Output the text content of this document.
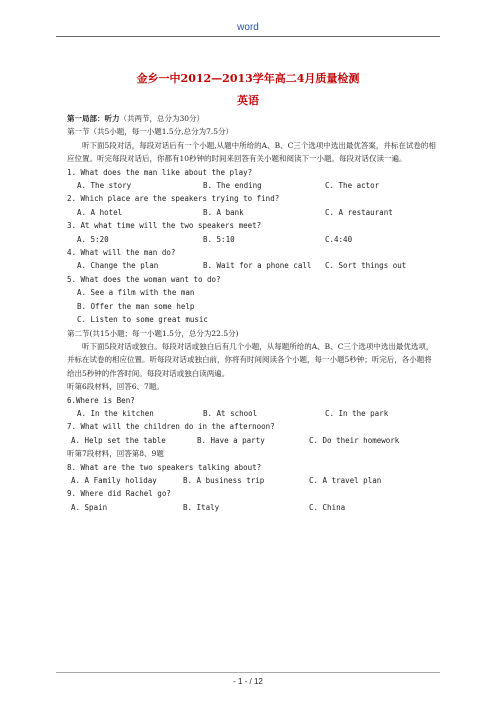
word
金乡一中2012—2013学年高二4月质量检测
英语
第一局部：听力（共两节，总分为30分）
第一节（共5小题，每一小题1.5分,总分为7.5分）
听下面5段对话，每段对话后有一个小题,从题中所给的A、B、C三个选项中选出最优答案，并标在试卷的相应位置。听完每段对话后，你都有10秒钟的时间来回答有关小题和阅读下一小题。每段对话仅读一遍。
1. What does the man like about the play?
A. The story	B. The ending	C. The actor
2. Which place are the speakers trying to find?
A. A hotel	B. A bank	C. A restaurant
3. At what time will the two speakers meet?
A. 5:20	B. 5:10	C.4:40
4. What will the man do?
A. Change the plan	B. Wait for a phone call	C. Sort things out
5. What does the woman want to do?
A. See a film with the man
B. Offer the man some help
C. Listen to some great music
第二节(共15小题；每一小题1.5分，总分为22.5分)
听下面5段对话或独白。每段对话或独白后有几个小题，从每题所给的A、B、C三个选项中选出最优选项，并标在试卷的相应位置。听每段对话或独白前，你将有时间阅读各个小题，每一小题5秒钟；听完后，各小题将给出5秒钟的作答时间。每段对话或独白读两遍。
听第6段材料，回答6、7题。
6.Where is Ben?
A. In the kitchen	B. At school	C. In the park
7. What will the children do in the afternoon?
A. Help set the table	B. Have a party	C. Do their homework
听第7段材料，回答第8、9题
8. What are the two speakers talking about?
A. A Family holiday	B. A business trip	C. A travel plan
9. Where did Rachel go?
A. Spain	B. Italy	C. China
- 1 - / 12
